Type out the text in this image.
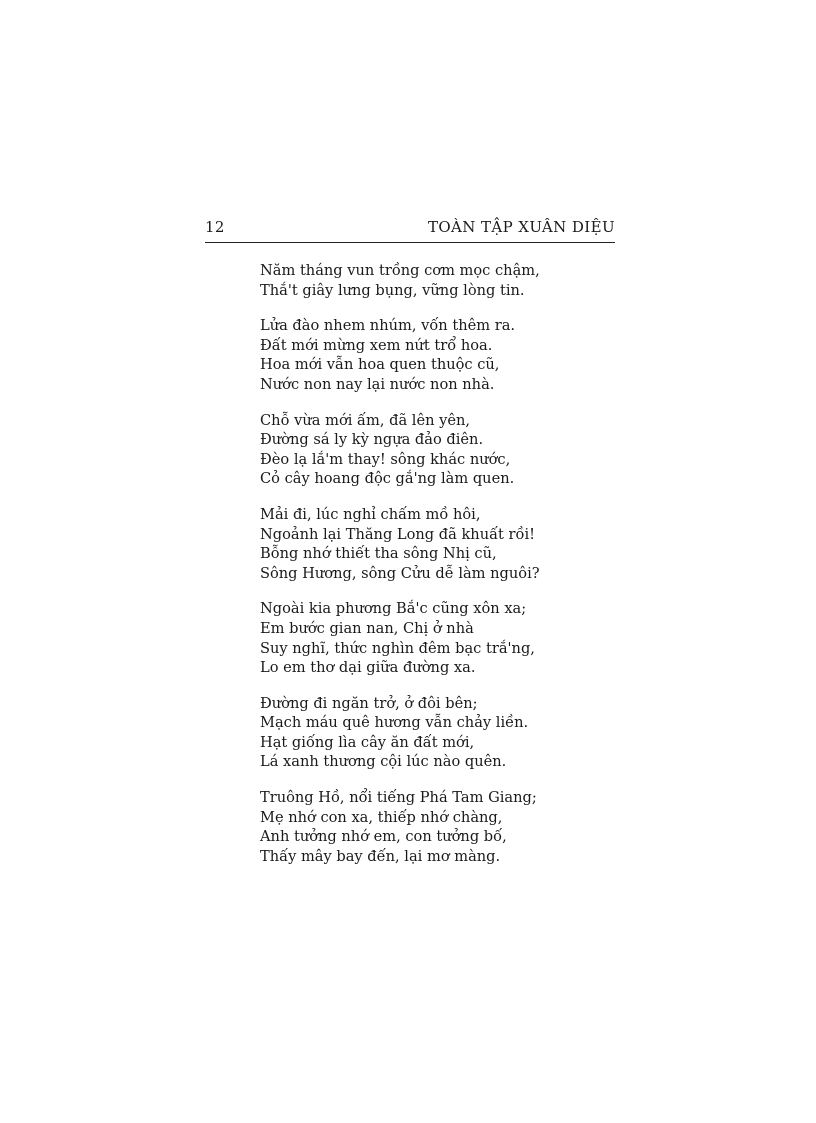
12	TOÀN TẬP XUÂN DIỆU
Năm tháng vun trồng cơm mọc chậm,
Thắ't giây lưng bụng, vững lòng tin.
Lửa đào nhem nhúm, vốn thêm ra.
Đất mới mừng xem nứt trổ hoa.
Hoa mới vẫn hoa quen thuộc cũ,
Nước non nay lại nước non nhà.
Chỗ vừa mới ấm, đã lên yên,
Đường sá ly kỳ ngựa đảo điên.
Đèo lạ lắ'm thay! sông khác nước,
Cỏ cây hoang độc gắ'ng làm quen.
Mải đi, lúc nghỉ chấm mồ hôi,
Ngoảnh lại Thăng Long đã khuất rồi!
Bỗng nhớ thiết tha sông Nhị cũ,
Sông Hương, sông Cửu dễ làm nguôi?
Ngoài kia phương Bắ'c cũng xôn xa;
Em bước gian nan, Chị ở nhà
Suy nghĩ, thức nghìn đêm bạc trắ'ng,
Lo em thơ dại giữa đường xa.
Đường đi ngăn trở, ở đôi bên;
Mạch máu quê hương vẫn chảy liền.
Hạt giống lìa cây ăn đất mới,
Lá xanh thương cội lúc nào quên.
Truông Hồ, nổi tiếng Phá Tam Giang;
Mẹ nhớ con xa, thiếp nhớ chàng,
Anh tưởng nhớ em, con tưởng bố,
Thấy mây bay đến, lại mơ màng.
